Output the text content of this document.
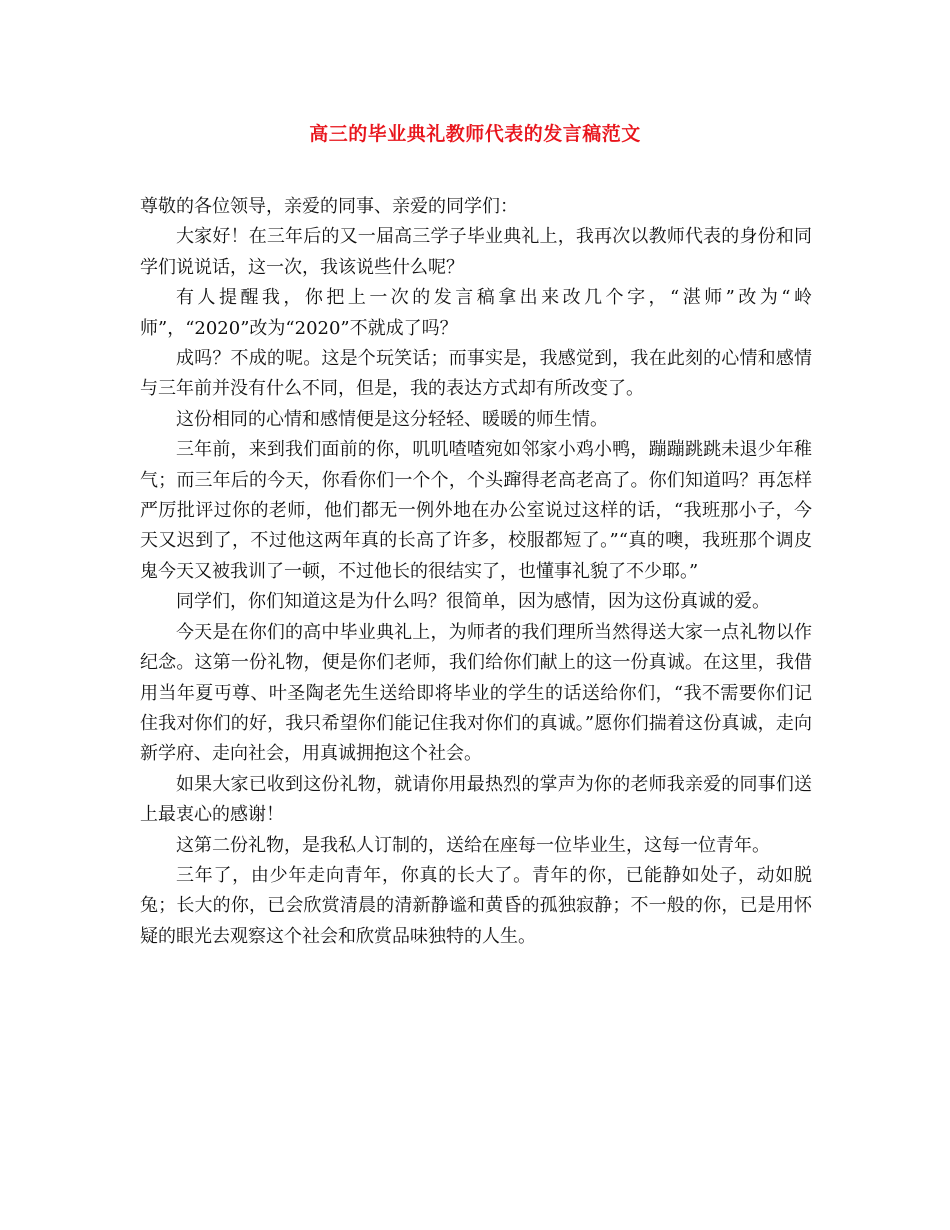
高三的毕业典礼教师代表的发言稿范文

尊敬的各位领导，亲爱的同事、亲爱的同学们：

大家好！在三年后的又一届高三学子毕业典礼上，我再次以教师代表的身份和同学们说说话，这一次，我该说些什么呢？

有人提醒我，你把上一次的发言稿拿出来改几个字，“湛师”改为“岭师”，“2020”改为“2020”不就成了吗？

成吗？不成的呢。这是个玩笑话；而事实是，我感觉到，我在此刻的心情和感情与三年前并没有什么不同，但是，我的表达方式却有所改变了。

这份相同的心情和感情便是这分轻轻、暖暖的师生情。

三年前，来到我们面前的你，叽叽喳喳宛如邻家小鸡小鸭，蹦蹦跳跳未退少年稚气；而三年后的今天，你看你们一个个，个头蹿得老高老高了。你们知道吗？再怎样严厉批评过你的老师，他们都无一例外地在办公室说过这样的话，“我班那小子，今天又迟到了，不过他这两年真的长高了许多，校服都短了。”“真的噢，我班那个调皮鬼今天又被我训了一顿，不过他长的很结实了，也懂事礼貌了不少耶。”

同学们，你们知道这是为什么吗？很简单，因为感情，因为这份真诚的爱。

今天是在你们的高中毕业典礼上，为师者的我们理所当然得送大家一点礼物以作纪念。这第一份礼物，便是你们老师，我们给你们献上的这一份真诚。在这里，我借用当年夏丏尊、叶圣陶老先生送给即将毕业的学生的话送给你们，“我不需要你们记住我对你们的好，我只希望你们能记住我对你们的真诚。”愿你们揣着这份真诚，走向新学府、走向社会，用真诚拥抱这个社会。

如果大家已收到这份礼物，就请你用最热烈的掌声为你的老师我亲爱的同事们送上最衷心的感谢！

这第二份礼物，是我私人订制的，送给在座每一位毕业生，这每一位青年。

三年了，由少年走向青年，你真的长大了。青年的你，已能静如处子，动如脱兔；长大的你，已会欣赏清晨的清新静谧和黄昏的孤独寂静；不一般的你，已是用怀疑的眼光去观察这个社会和欣赏品味独特的人生。
